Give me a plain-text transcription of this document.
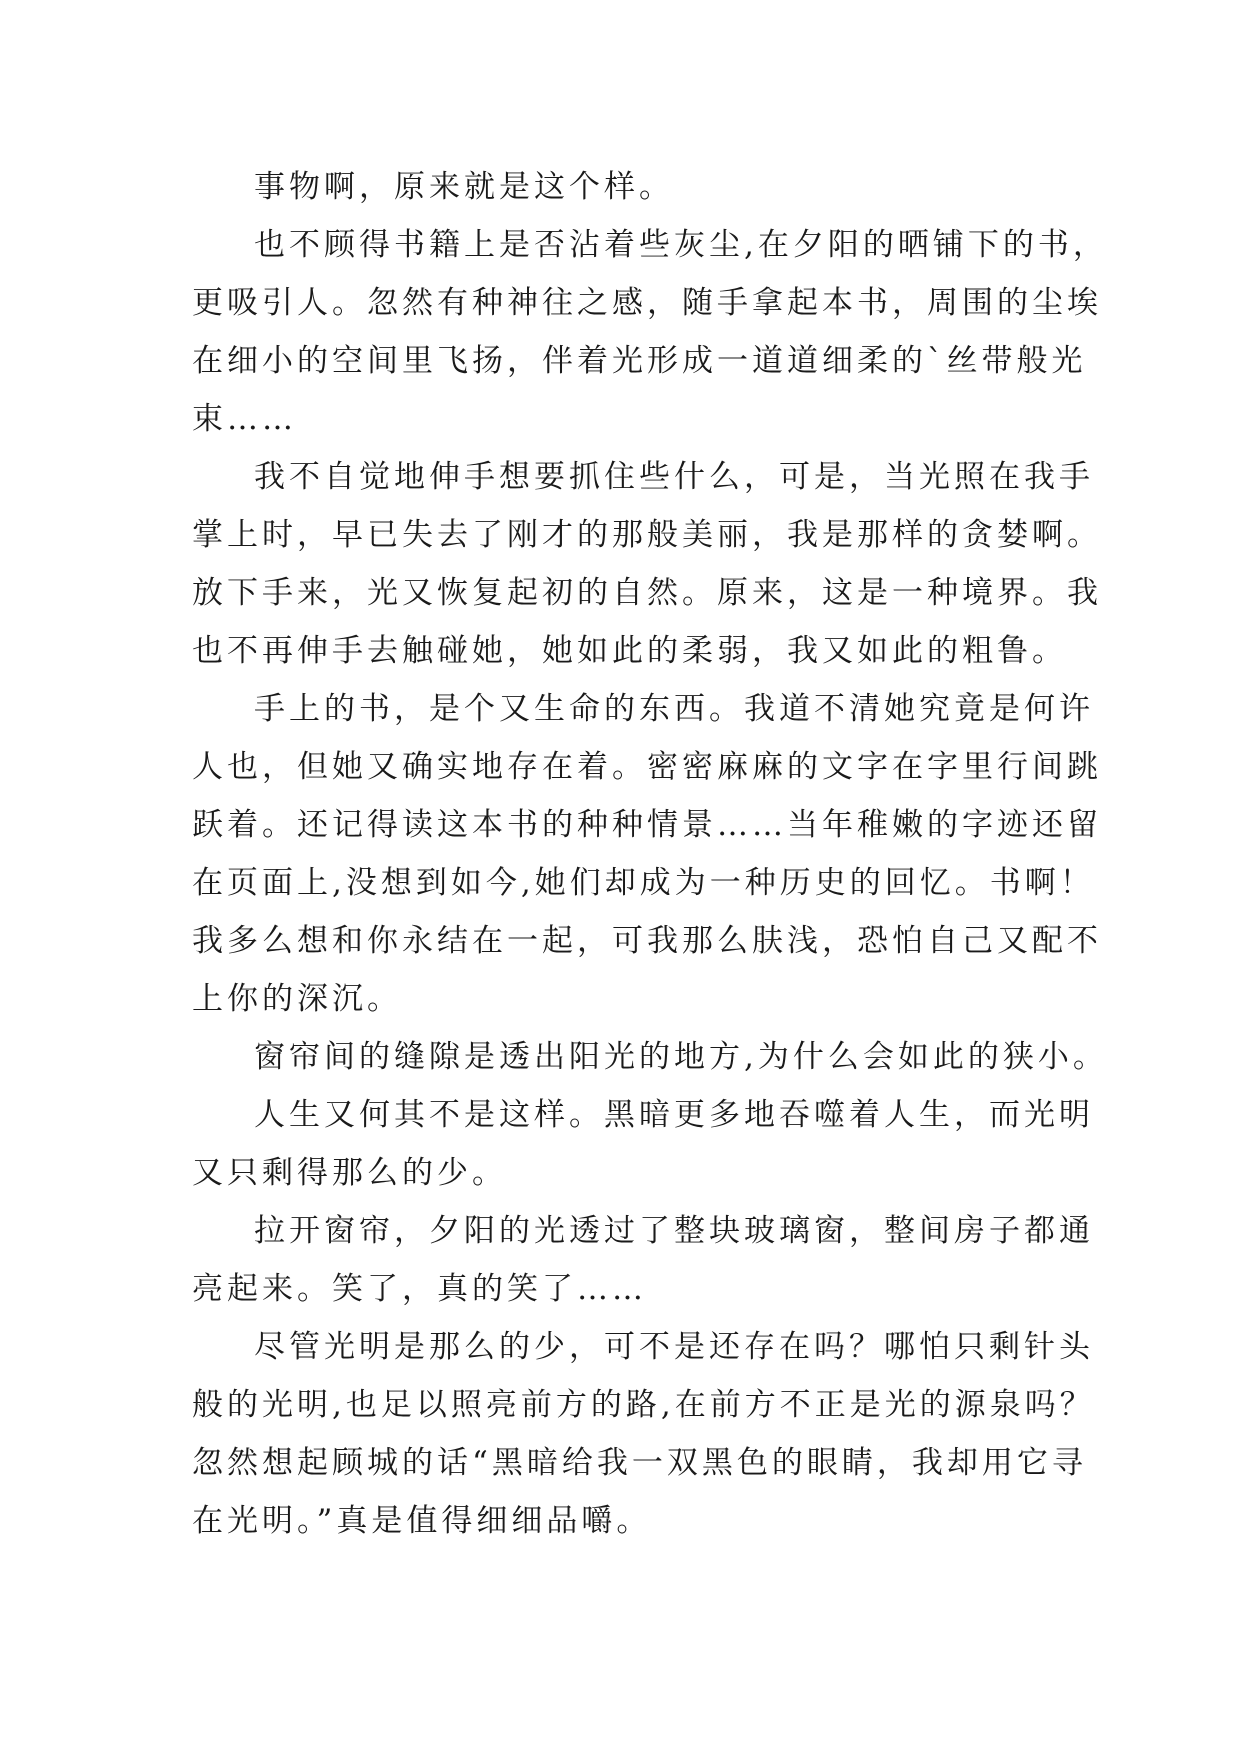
事物啊，原来就是这个样。
也不顾得书籍上是否沾着些灰尘,在夕阳的晒铺下的书，
更吸引人。忽然有种神往之感，随手拿起本书，周围的尘埃
在细小的空间里飞扬，伴着光形成一道道细柔的`丝带般光
束……
我不自觉地伸手想要抓住些什么，可是，当光照在我手
掌上时，早已失去了刚才的那般美丽，我是那样的贪婪啊。
放下手来，光又恢复起初的自然。原来，这是一种境界。我
也不再伸手去触碰她，她如此的柔弱，我又如此的粗鲁。
手上的书，是个又生命的东西。我道不清她究竟是何许
人也，但她又确实地存在着。密密麻麻的文字在字里行间跳
跃着。还记得读这本书的种种情景……当年稚嫩的字迹还留
在页面上,没想到如今,她们却成为一种历史的回忆。书啊！
我多么想和你永结在一起，可我那么肤浅，恐怕自己又配不
上你的深沉。
窗帘间的缝隙是透出阳光的地方,为什么会如此的狭小。
人生又何其不是这样。黑暗更多地吞噬着人生，而光明
又只剩得那么的少。
拉开窗帘，夕阳的光透过了整块玻璃窗，整间房子都通
亮起来。笑了，真的笑了……
尽管光明是那么的少，可不是还存在吗？哪怕只剩针头
般的光明,也足以照亮前方的路,在前方不正是光的源泉吗？
忽然想起顾城的话“黑暗给我一双黑色的眼睛，我却用它寻
在光明。”真是值得细细品嚼。
